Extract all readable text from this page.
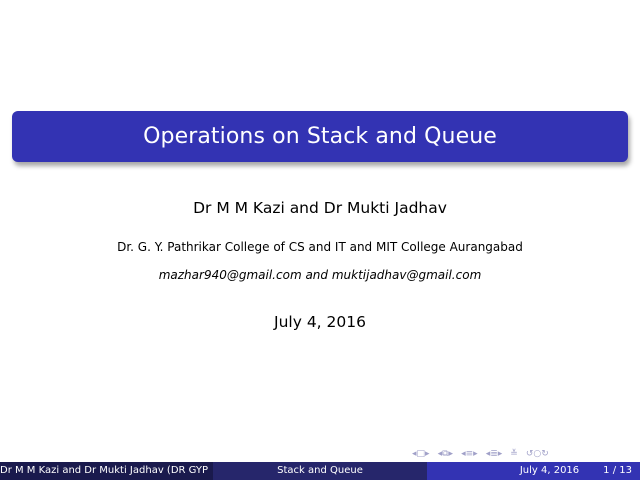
Operations on Stack and Queue
Dr M M Kazi and Dr Mukti Jadhav
Dr. G. Y. Pathrikar College of CS and IT and MIT College Aurangabad
mazhar940@gmail.com and muktijadhav@gmail.com
July 4, 2016
◂□▸ ◂⧉▸ ◂≡▸ ◂≣▸ ≚ ↺○↻
Dr M M Kazi and Dr Mukti Jadhav (DR GYP	Stack and Queue	July 4, 2016 1 / 13
